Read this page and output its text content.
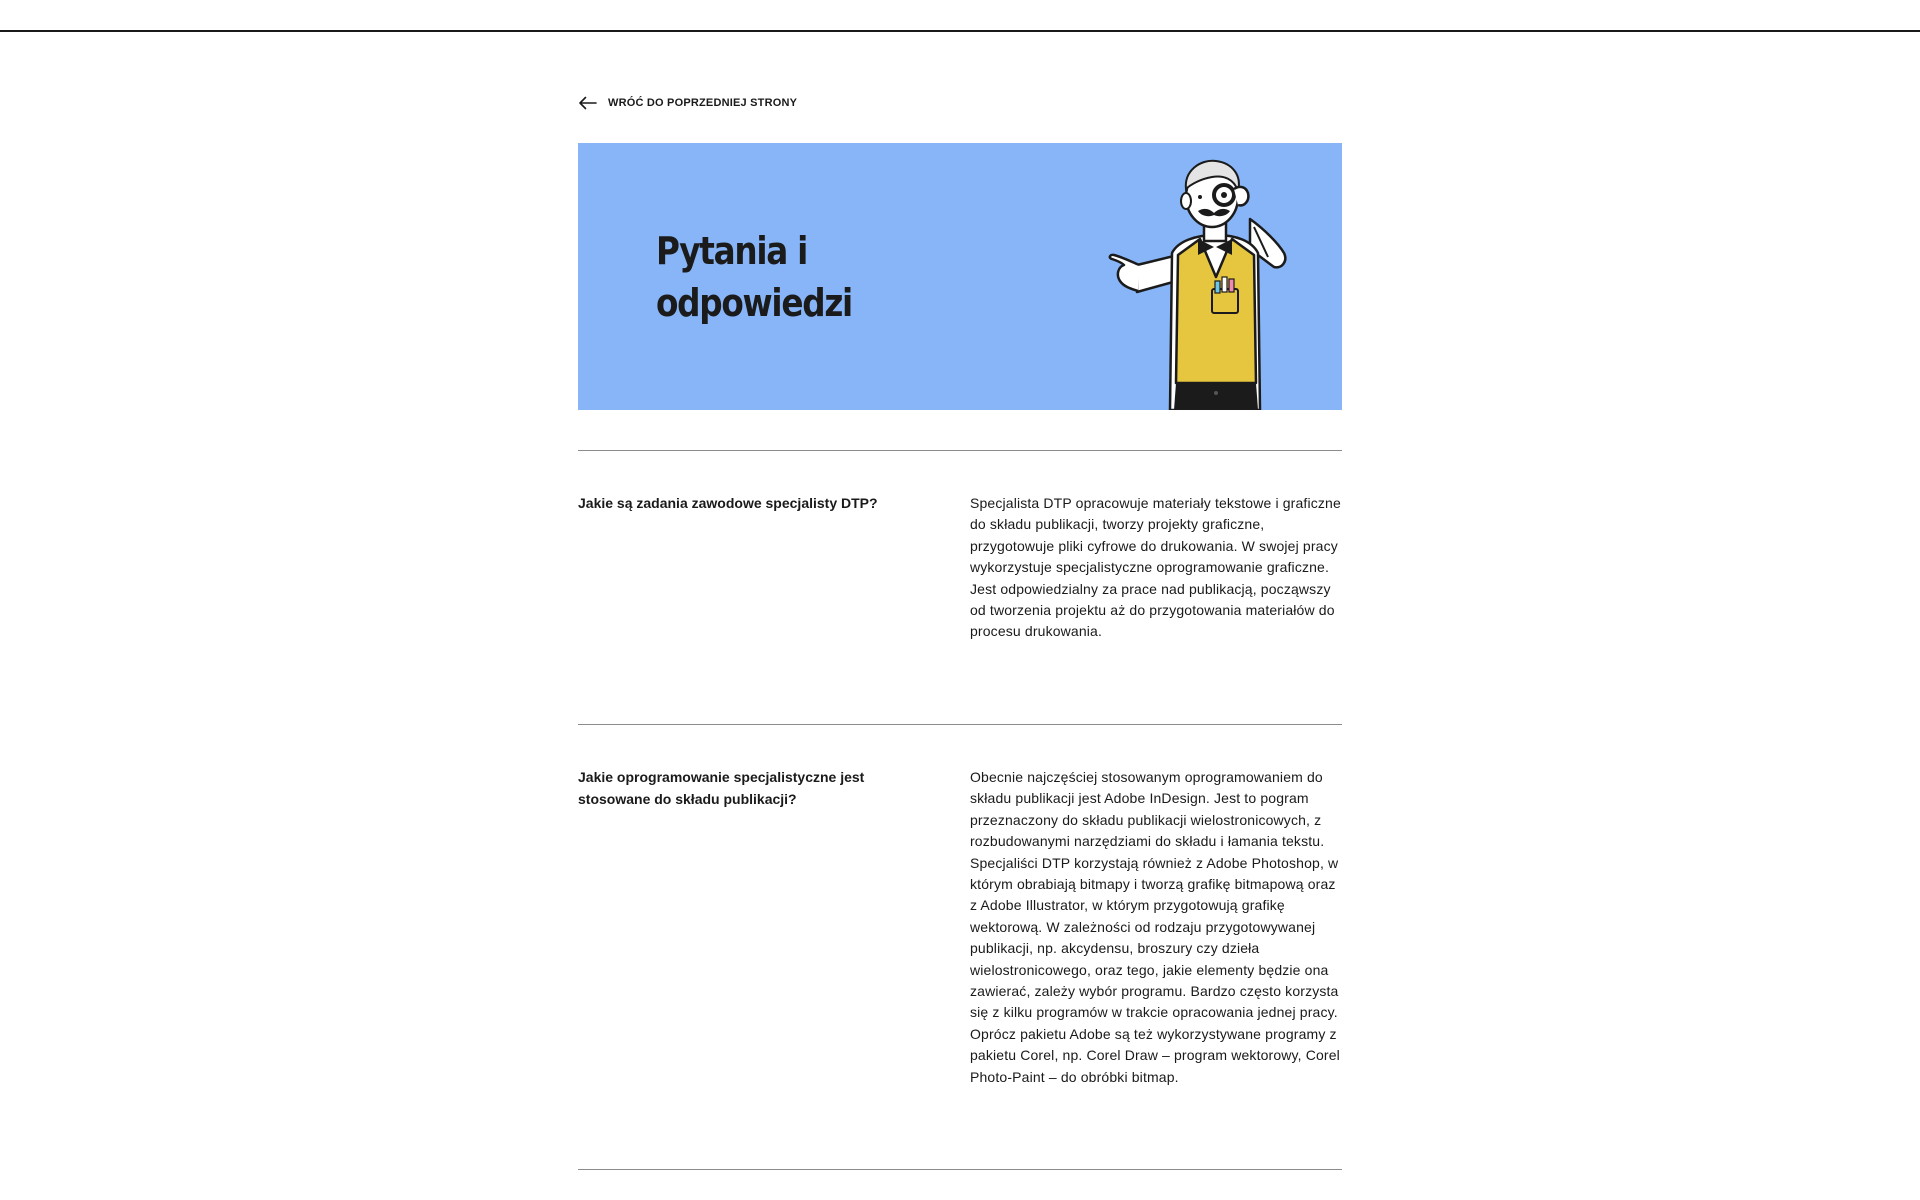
WRÓĆ DO POPRZEDNIEJ STRONY
Pytania i
odpowiedzi

Jakie są zadania zawodowe specjalisty DTP?	Specjalista DTP opracowuje materiały tekstowe i graficzne do składu publikacji, tworzy projekty graficzne, przygotowuje pliki cyfrowe do drukowania. W swojej pracy wykorzystuje specjalistyczne oprogramowanie graficzne. Jest odpowiedzialny za prace nad publikacją, począwszy od tworzenia projektu aż do przygotowania materiałów do procesu drukowania.

Jakie oprogramowanie specjalistyczne jest stosowane do składu publikacji?

Obecnie najczęściej stosowanym oprogramowaniem do składu publikacji jest Adobe InDesign. Jest to pogram przeznaczony do składu publikacji wielostronicowych, z rozbudowanymi narzędziami do składu i łamania tekstu. Specjaliści DTP korzystają również z Adobe Photoshop, w którym obrabiają bitmapy i tworzą grafikę bitmapową oraz z Adobe Illustrator, w którym przygotowują grafikę wektorową. W zależności od rodzaju przygotowywanej publikacji, np. akcydensu, broszury czy dzieła wielostronicowego, oraz tego, jakie elementy będzie ona zawierać, zależy wybór programu. Bardzo często korzysta się z kilku programów w trakcie opracowania jednej pracy. Oprócz pakietu Adobe są też wykorzystywane programy z pakietu Corel, np. Corel Draw – program wektorowy, Corel Photo-Paint – do obróbki bitmap.
